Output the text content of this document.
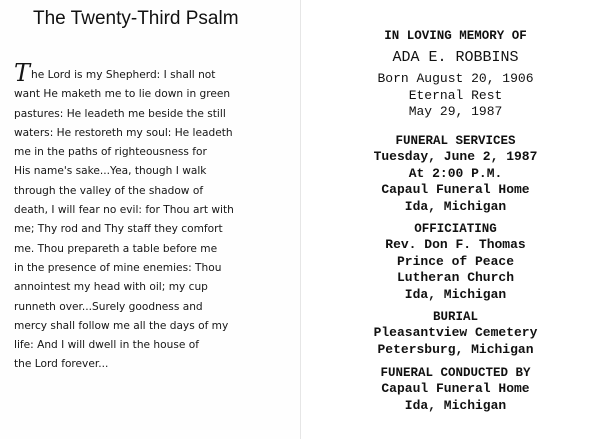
The Twenty-Third Psalm
The Lord is my Shepherd: I shall not
want He maketh me to lie down in green
pastures: He leadeth me beside the still
waters: He restoreth my soul: He leadeth
me in the paths of righteousness for
His name's sake...Yea, though I walk
through the valley of the shadow of
death, I will fear no evil: for Thou art with
me; Thy rod and Thy staff they comfort
me. Thou prepareth a table before me
in the presence of mine enemies: Thou
annointest my head with oil; my cup
runneth over...Surely goodness and
mercy shall follow me all the days of my
life: And I will dwell in the house of
the Lord forever...
IN LOVING MEMORY OF
ADA E. ROBBINS
Born August 20, 1906
Eternal Rest
May 29, 1987
FUNERAL SERVICES
Tuesday, June 2, 1987
At 2:00 P.M.
Capaul Funeral Home
Ida, Michigan
OFFICIATING
Rev. Don F. Thomas
Prince of Peace
Lutheran Church
Ida, Michigan
BURIAL
Pleasantview Cemetery
Petersburg, Michigan
FUNERAL CONDUCTED BY
Capaul Funeral Home
Ida, Michigan
